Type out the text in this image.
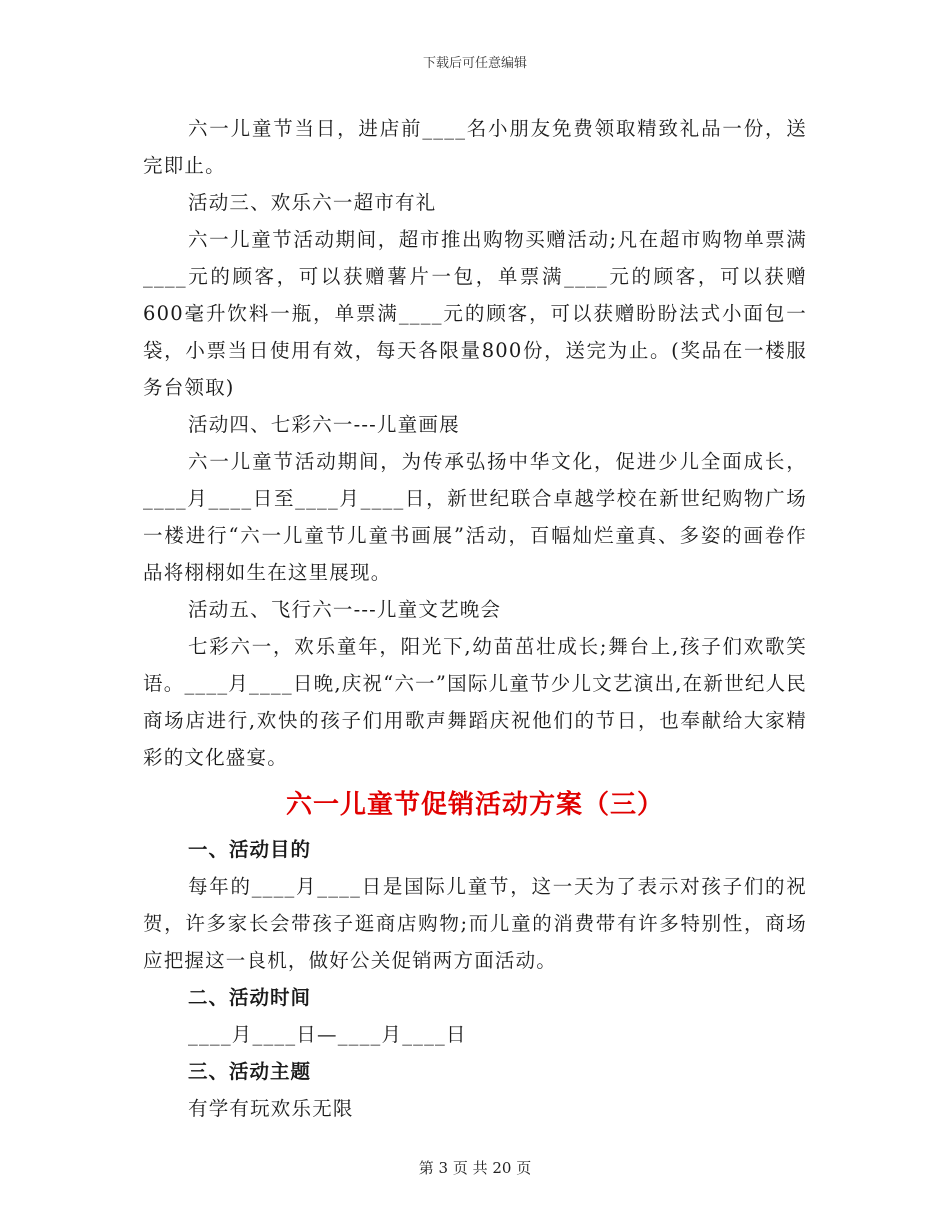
下载后可任意编辑

六一儿童节当日，进店前____名小朋友免费领取精致礼品一份，送完即止。

活动三、欢乐六一超市有礼

六一儿童节活动期间，超市推出购物买赠活动;凡在超市购物单票满____元的顾客，可以获赠薯片一包，单票满____元的顾客，可以获赠600毫升饮料一瓶，单票满____元的顾客，可以获赠盼盼法式小面包一袋，小票当日使用有效，每天各限量800份，送完为止。(奖品在一楼服务台领取)

活动四、七彩六一---儿童画展

六一儿童节活动期间，为传承弘扬中华文化，促进少儿全面成长，____月____日至____月____日，新世纪联合卓越学校在新世纪购物广场一楼进行“六一儿童节儿童书画展”活动，百幅灿烂童真、多姿的画卷作品将栩栩如生在这里展现。

活动五、飞行六一---儿童文艺晚会

七彩六一，欢乐童年，阳光下,幼苗茁壮成长;舞台上,孩子们欢歌笑语。____月____日晚,庆祝“六一”国际儿童节少儿文艺演出,在新世纪人民商场店进行,欢快的孩子们用歌声舞蹈庆祝他们的节日，也奉献给大家精彩的文化盛宴。

六一儿童节促销活动方案（三）

一、活动目的

每年的____月____日是国际儿童节，这一天为了表示对孩子们的祝贺，许多家长会带孩子逛商店购物;而儿童的消费带有许多特别性，商场应把握这一良机，做好公关促销两方面活动。

二、活动时间

____月____日—____月____日

三、活动主题

有学有玩欢乐无限

第 3 页 共 20 页
